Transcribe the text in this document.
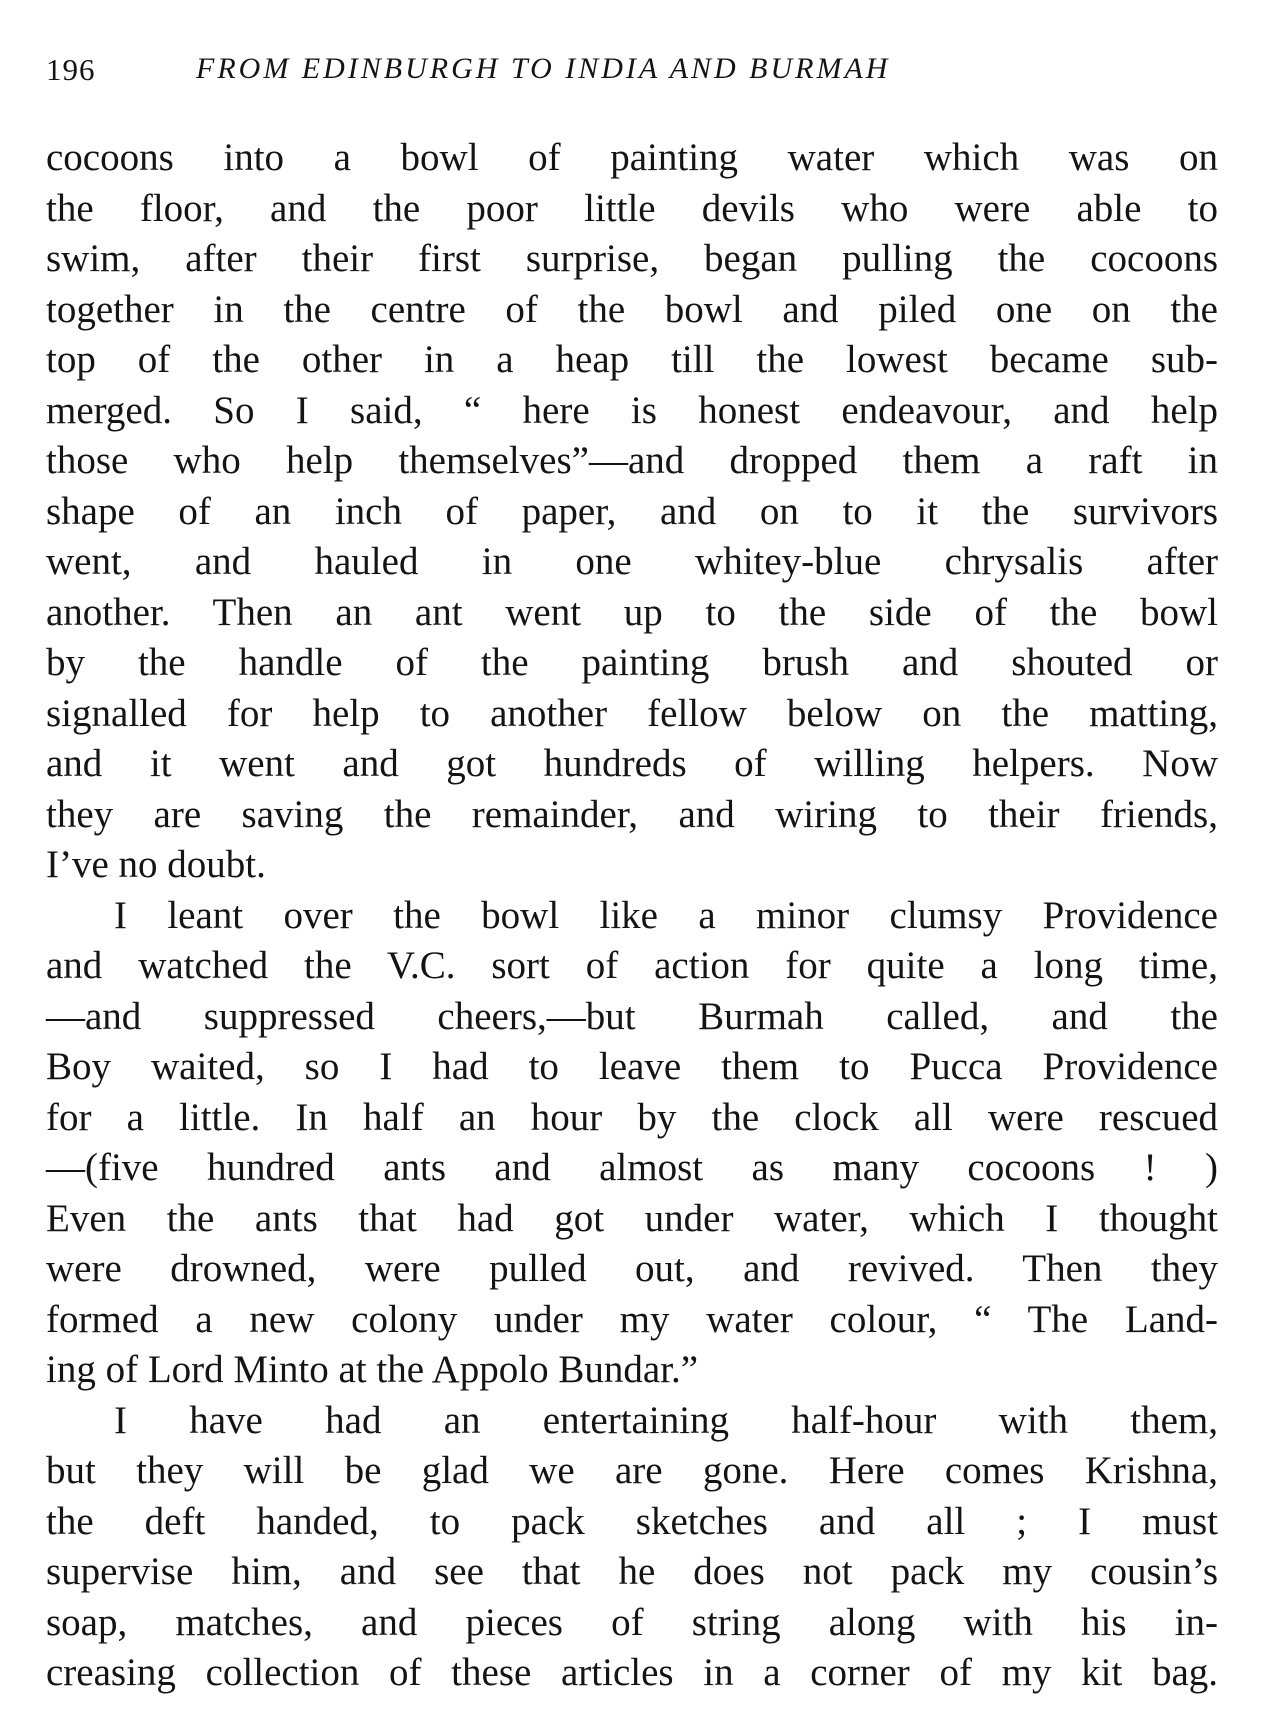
196	FROM EDINBURGH TO INDIA AND BURMAH
cocoons into a bowl of painting water which was on
the floor, and the poor little devils who were able to
swim, after their first surprise, began pulling the cocoons
together in the centre of the bowl and piled one on the
top of the other in a heap till the lowest became sub-
merged. So I said, “ here is honest endeavour, and help
those who help themselves”—and dropped them a raft in
shape of an inch of paper, and on to it the survivors
went, and hauled in one whitey-blue chrysalis after
another. Then an ant went up to the side of the bowl
by the handle of the painting brush and shouted or
signalled for help to another fellow below on the matting,
and it went and got hundreds of willing helpers. Now
they are saving the remainder, and wiring to their friends,
I’ve no doubt.
I leant over the bowl like a minor clumsy Providence
and watched the V.C. sort of action for quite a long time,
—and suppressed cheers,—but Burmah called, and the
Boy waited, so I had to leave them to Pucca Providence
for a little. In half an hour by the clock all were rescued
—(five hundred ants and almost as many cocoons ! )
Even the ants that had got under water, which I thought
were drowned, were pulled out, and revived. Then they
formed a new colony under my water colour, “ The Land-
ing of Lord Minto at the Appolo Bundar.”
I have had an entertaining half-hour with them,
but they will be glad we are gone. Here comes Krishna,
the deft handed, to pack sketches and all ; I must
supervise him, and see that he does not pack my cousin’s
soap, matches, and pieces of string along with his in-
creasing collection of these articles in a corner of my kit bag.
